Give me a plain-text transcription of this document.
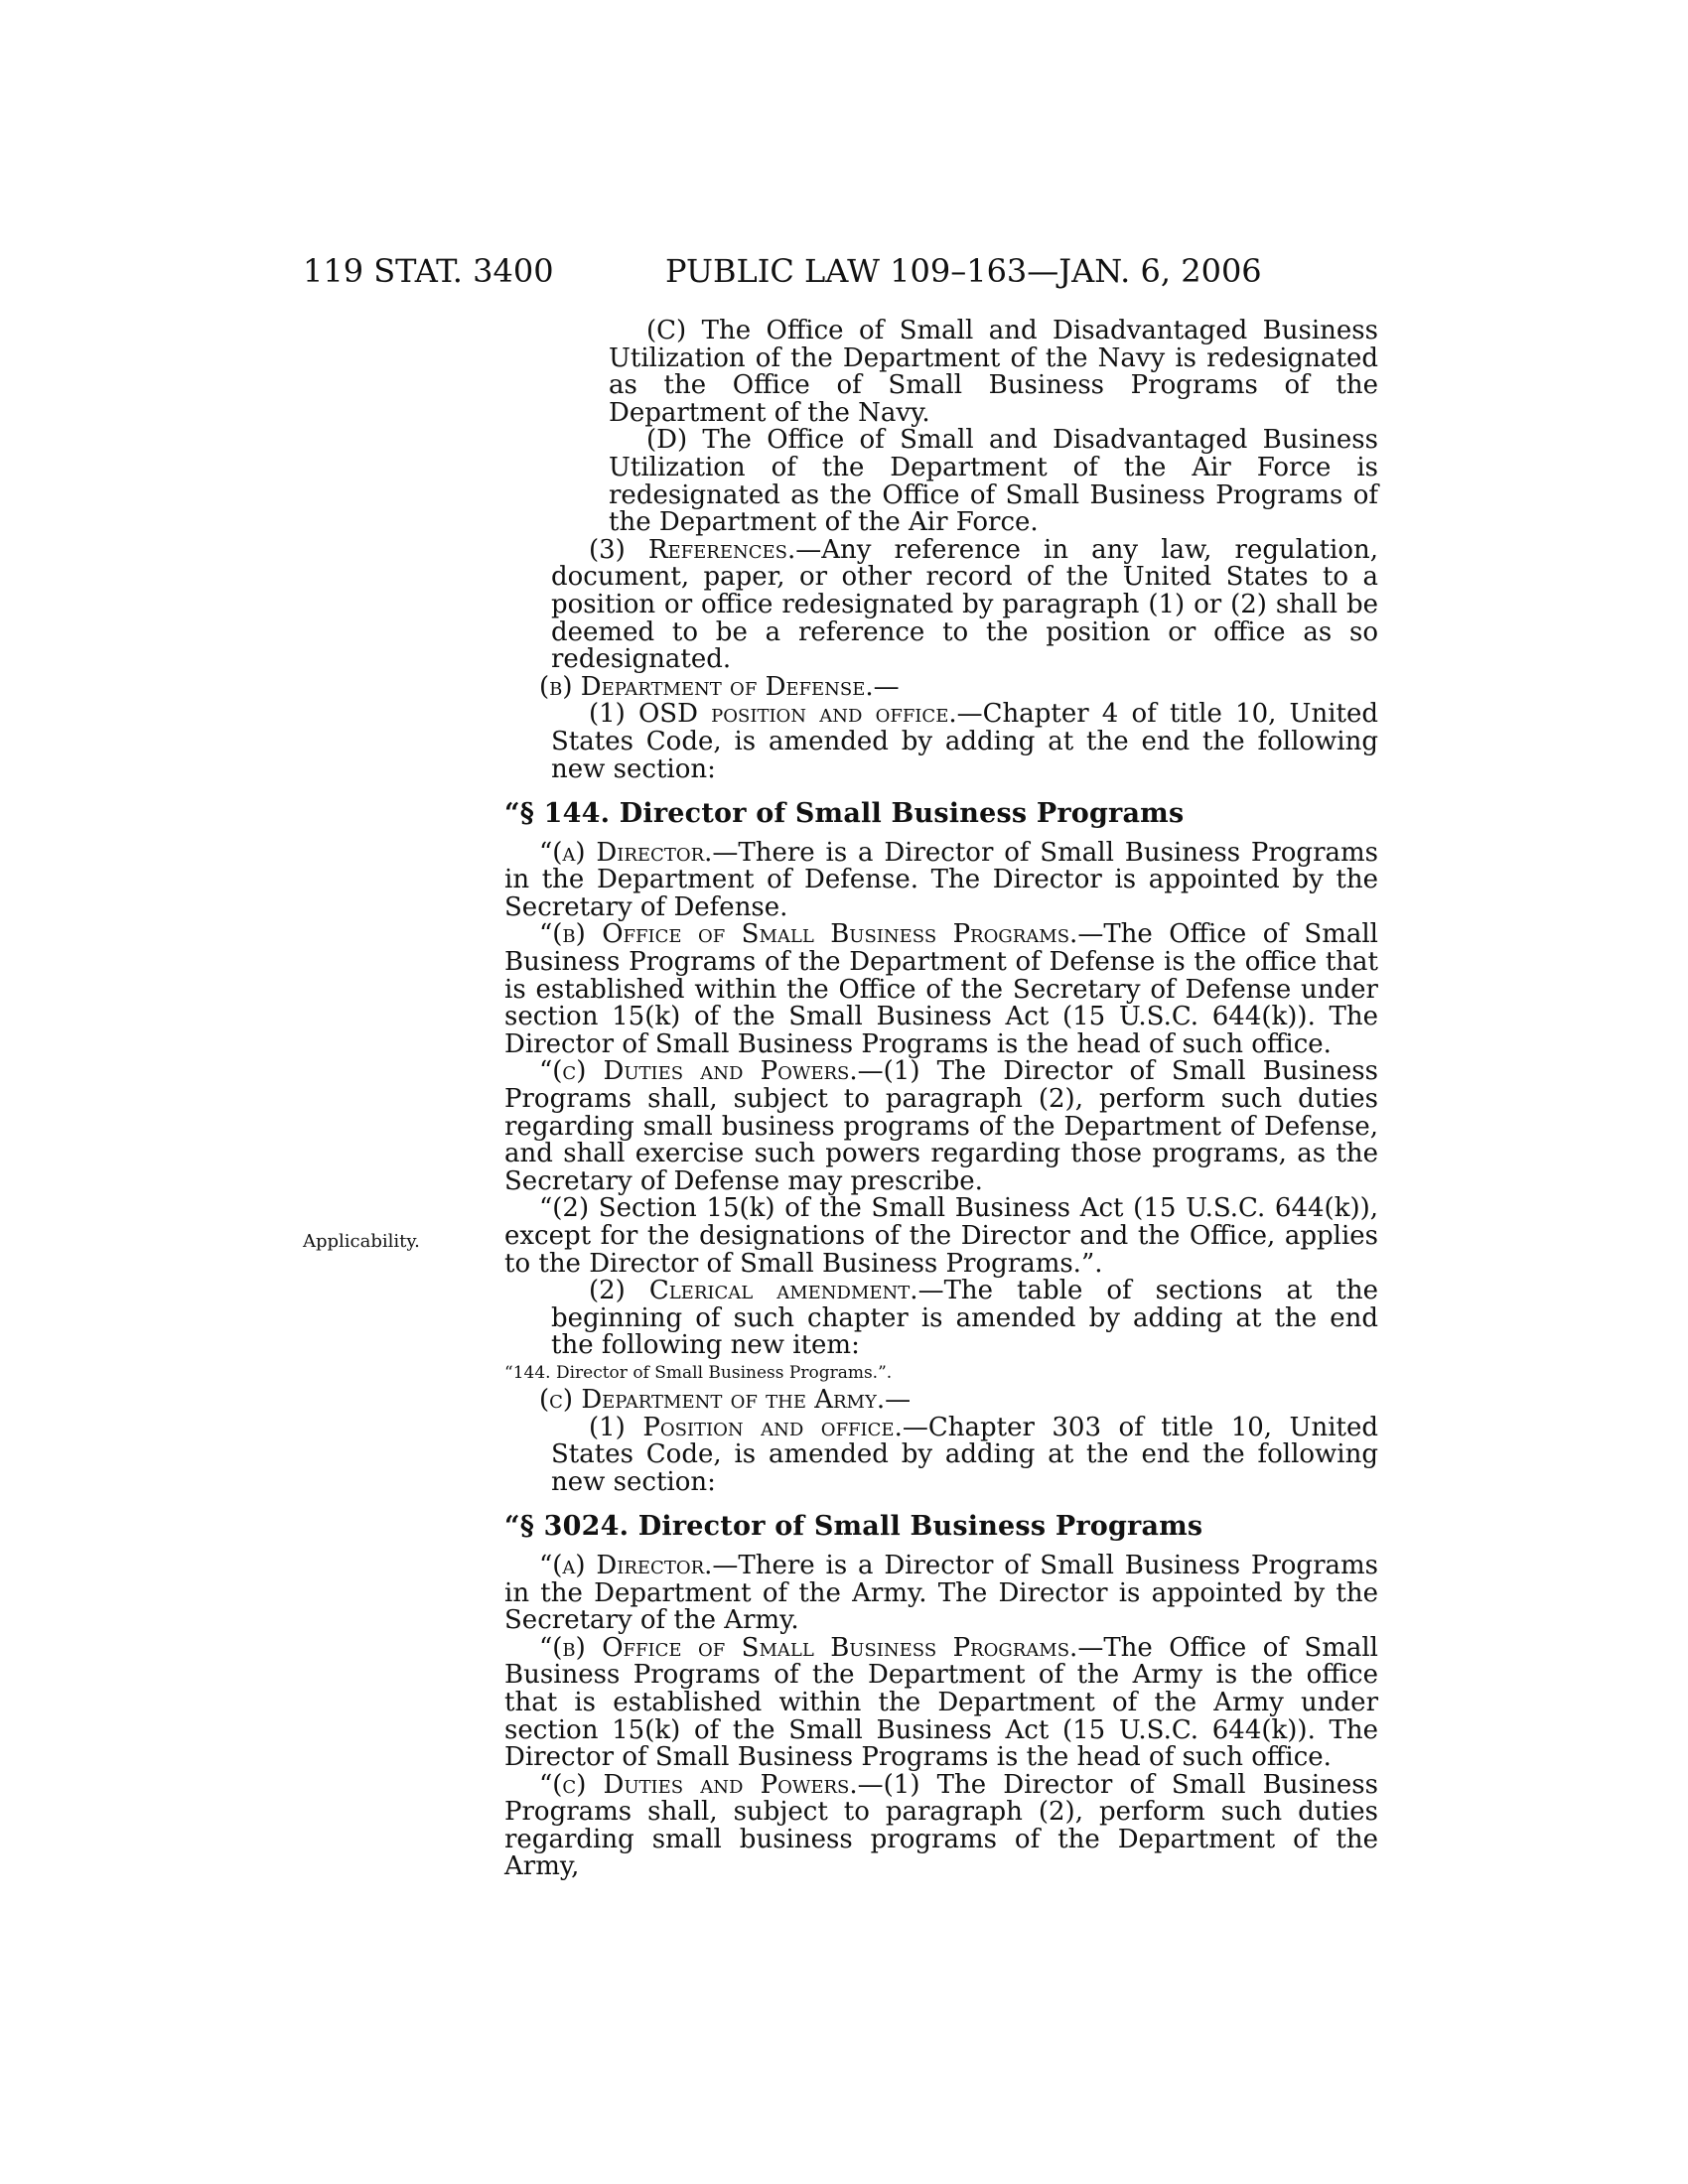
119 STAT. 3400	PUBLIC LAW 109–163—JAN. 6, 2006
Applicability.

(C) The Office of Small and Disadvantaged Business Utilization of the Department of the Navy is redesignated as the Office of Small Business Programs of the Department of the Navy.

(D) The Office of Small and Disadvantaged Business Utilization of the Department of the Air Force is redesignated as the Office of Small Business Programs of the Department of the Air Force.

(3) References.—Any reference in any law, regulation, document, paper, or other record of the United States to a position or office redesignated by paragraph (1) or (2) shall be deemed to be a reference to the position or office as so redesignated.

(b) Department of Defense.—

(1) OSD position and office.—Chapter 4 of title 10, United States Code, is amended by adding at the end the following new section:

“§ 144. Director of Small Business Programs

“(a) Director.—There is a Director of Small Business Programs in the Department of Defense. The Director is appointed by the Secretary of Defense.

“(b) Office of Small Business Programs.—The Office of Small Business Programs of the Department of Defense is the office that is established within the Office of the Secretary of Defense under section 15(k) of the Small Business Act (15 U.S.C. 644(k)). The Director of Small Business Programs is the head of such office.

“(c) Duties and Powers.—(1) The Director of Small Business Programs shall, subject to paragraph (2), perform such duties regarding small business programs of the Department of Defense, and shall exercise such powers regarding those programs, as the Secretary of Defense may prescribe.

“(2) Section 15(k) of the Small Business Act (15 U.S.C. 644(k)), except for the designations of the Director and the Office, applies to the Director of Small Business Programs.”.

(2) Clerical amendment.—The table of sections at the beginning of such chapter is amended by adding at the end the following new item:

“144. Director of Small Business Programs.”.

(c) Department of the Army.—

(1) Position and office.—Chapter 303 of title 10, United States Code, is amended by adding at the end the following new section:

“§ 3024. Director of Small Business Programs

“(a) Director.—There is a Director of Small Business Programs in the Department of the Army. The Director is appointed by the Secretary of the Army.

“(b) Office of Small Business Programs.—The Office of Small Business Programs of the Department of the Army is the office that is established within the Department of the Army under section 15(k) of the Small Business Act (15 U.S.C. 644(k)). The Director of Small Business Programs is the head of such office.

“(c) Duties and Powers.—(1) The Director of Small Business Programs shall, subject to paragraph (2), perform such duties regarding small business programs of the Department of the Army,
